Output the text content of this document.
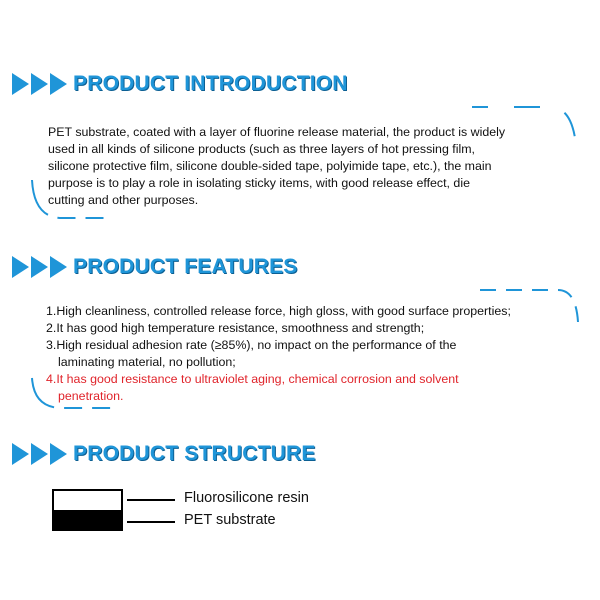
PRODUCT INTRODUCTION

PET substrate, coated with a layer of fluorine release material, the product is widely

used in all kinds of silicone products (such as three layers of hot pressing film,

silicone protective film, silicone double-sided tape, polyimide tape, etc.), the main

purpose is to play a role in isolating sticky items, with good release effect, die

cutting and other purposes.

PRODUCT FEATURES

1.High cleanliness, controlled release force, high gloss, with good surface properties;

2.It has good high temperature resistance, smoothness and strength;

3.High residual adhesion rate (≥85%), no impact on the performance of the

laminating material, no pollution;

4.It has good resistance to ultraviolet aging, chemical corrosion and solvent

penetration.

PRODUCT STRUCTURE
Fluorosilicone resin
PET substrate
